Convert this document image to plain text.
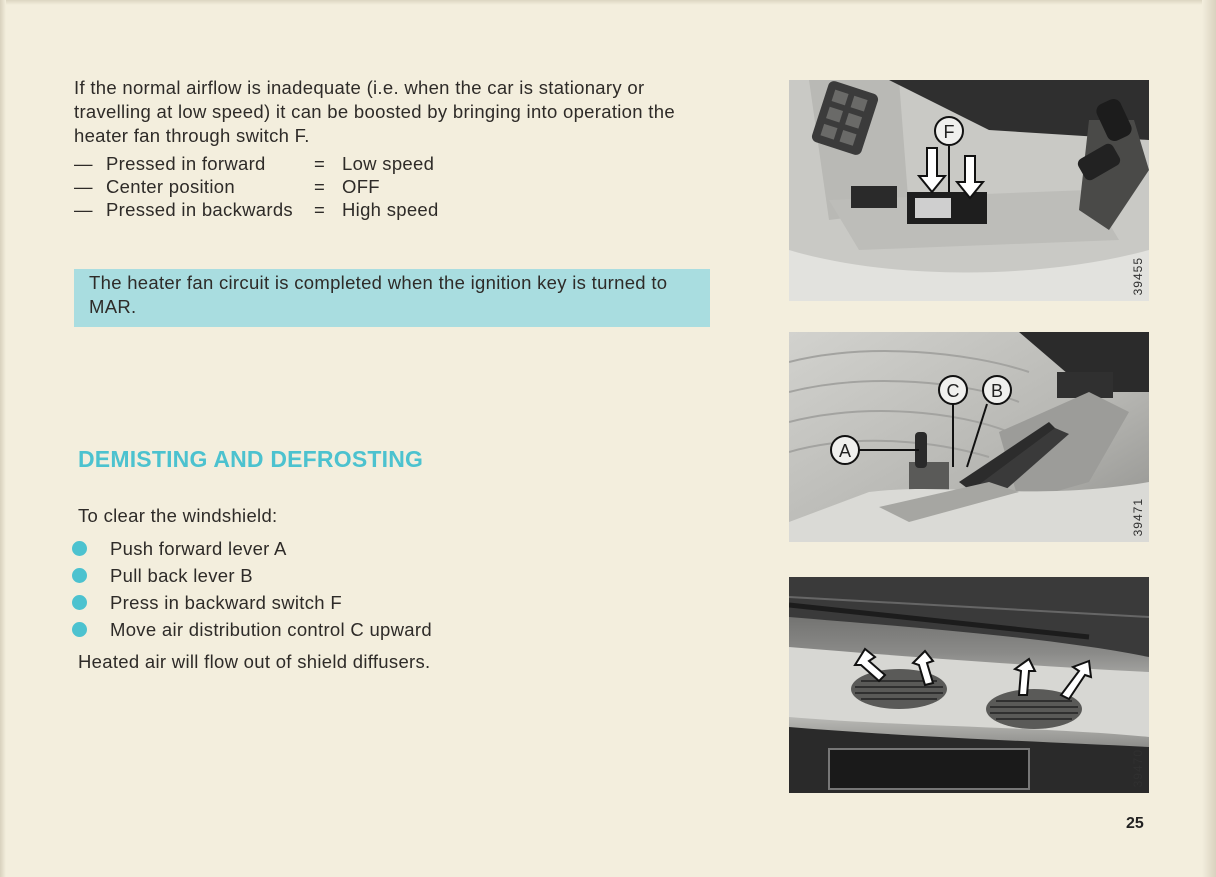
If the normal airflow is inadequate (i.e. when the car is stationary or travelling at low speed) it can be boosted by bringing into operation the heater fan through switch F.

— Pressed in forward	= Low speed
— Center position	= OFF
— Pressed in backwards	= High speed
The heater fan circuit is completed when the ignition key is turned to MAR.
DEMISTING AND DEFROSTING
To clear the windshield:
Push forward lever A
Pull back lever B
Press in backward switch F
Move air distribution control C upward
Heated air will flow out of shield diffusers.
F
39455
C B
A
39471
39470
25
